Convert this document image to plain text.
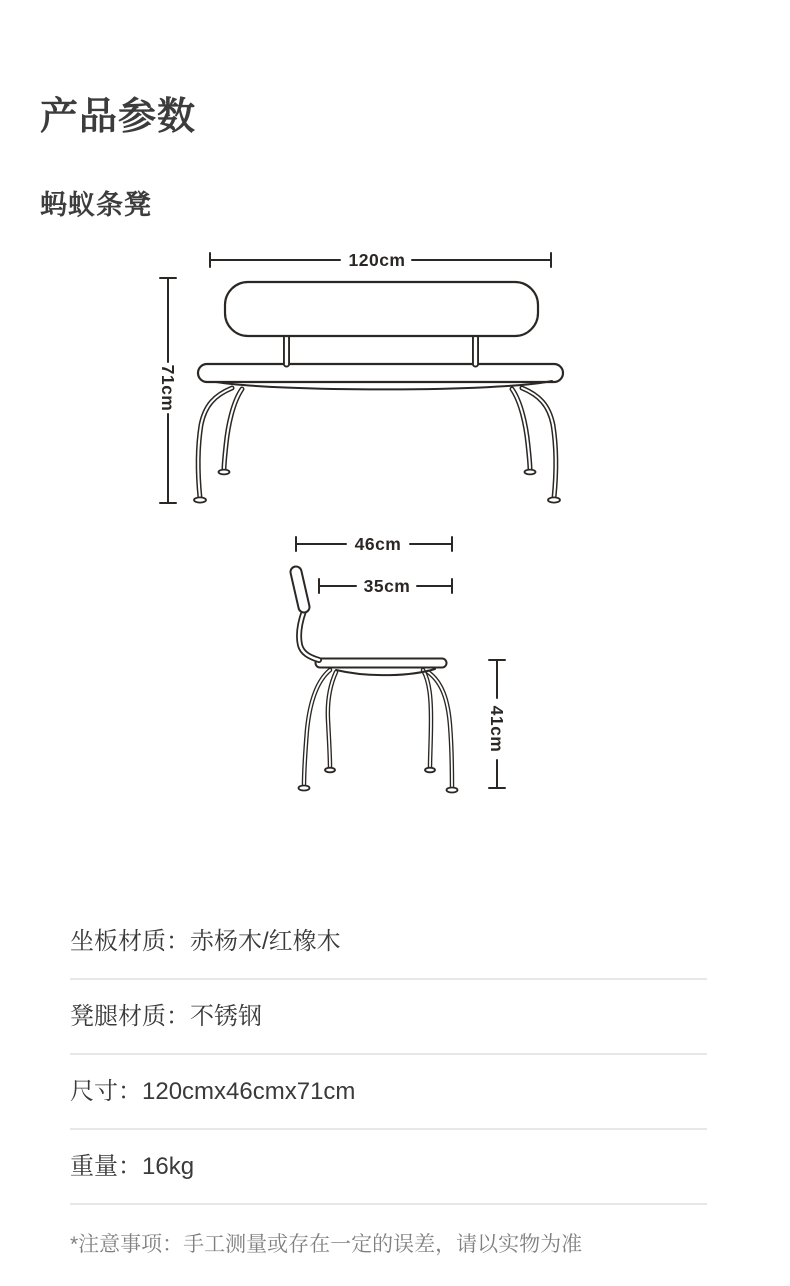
产品参数
蚂蚁条凳
120cm
71cm
46cm
35cm
41cm
坐板材质： 赤杨木/红橡木
凳腿材质： 不锈钢
尺寸： 120cmx46cmx71cm
重量： 16kg
*注意事项：手工测量或存在一定的误差，请以实物为准
